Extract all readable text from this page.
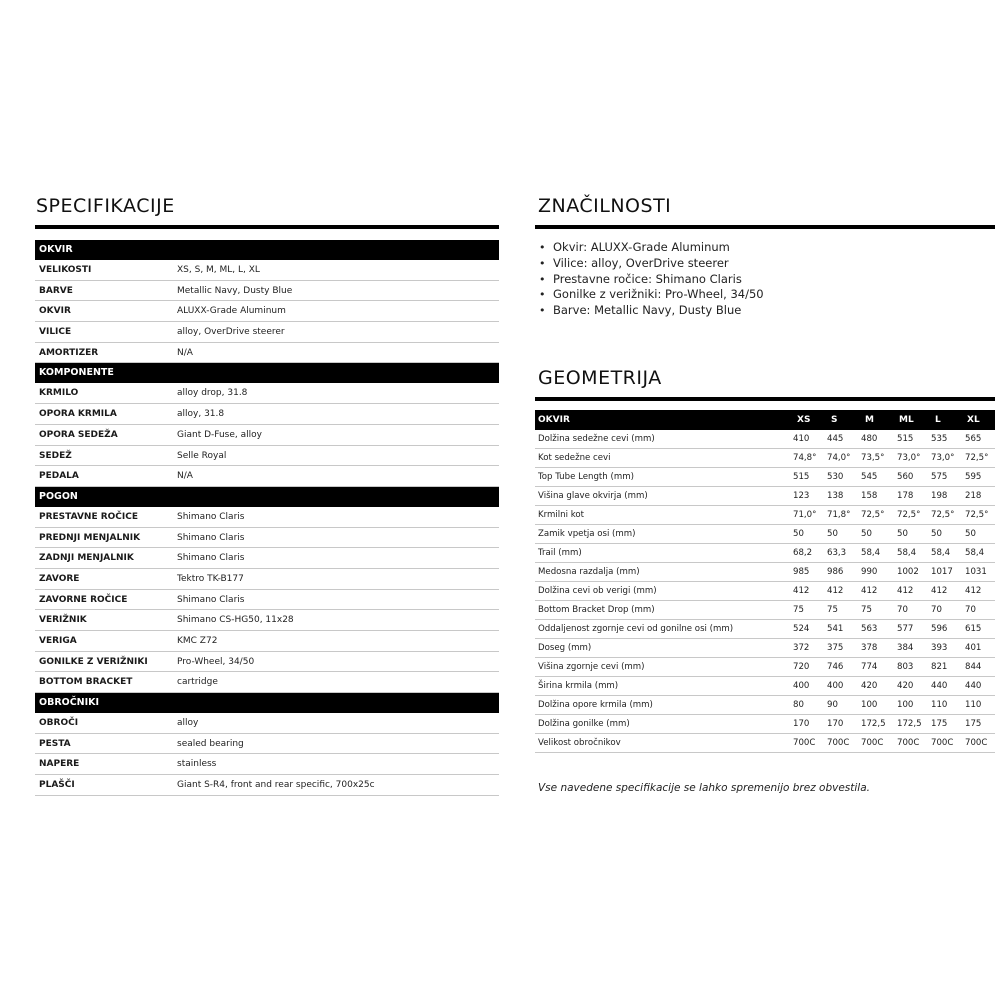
SPECIFIKACIJE
OKVIR
VELIKOSTI	XS, S, M, ML, L, XL
BARVE	Metallic Navy, Dusty Blue
OKVIR	ALUXX-Grade Aluminum
VILICE	alloy, OverDrive steerer
AMORTIZER	N/A
KOMPONENTE
KRMILO	alloy drop, 31.8
OPORA KRMILA	alloy, 31.8
OPORA SEDEŽA	Giant D-Fuse, alloy
SEDEŽ	Selle Royal
PEDALA	N/A
POGON
PRESTAVNE ROČICE	Shimano Claris
PREDNJI MENJALNIK	Shimano Claris
ZADNJI MENJALNIK	Shimano Claris
ZAVORE	Tektro TK-B177
ZAVORNE ROČICE	Shimano Claris
VERIŽNIK	Shimano CS-HG50, 11x28
VERIGA	KMC Z72
GONILKE Z VERIŽNIKI	Pro-Wheel, 34/50
BOTTOM BRACKET	cartridge
OBROČNIKI
OBROČI	alloy
PESTA	sealed bearing
NAPERE	stainless
PLAŠČI	Giant S-R4, front and rear specific, 700x25c
ZNAČILNOSTI
• Okvir: ALUXX-Grade Aluminum
• Vilice: alloy, OverDrive steerer
• Prestavne ročice: Shimano Claris
• Gonilke z verižniki: Pro-Wheel, 34/50
• Barve: Metallic Navy, Dusty Blue
GEOMETRIJA
OKVIR	XS S	M	ML L	XL
Dolžina sedežne cevi (mm)	410 445 480 515 535 565
Kot sedežne cevi	74,8° 74,0° 73,5° 73,0° 73,0° 72,5°
Top Tube Length (mm)	515 530 545 560 575 595
Višina glave okvirja (mm)	123 138 158 178 198 218
Krmilni kot	71,0° 71,8° 72,5° 72,5° 72,5° 72,5°
Zamik vpetja osi (mm)	50	50	50	50	50	50
Trail (mm)	68,2 63,3 58,4 58,4 58,4 58,4
Medosna razdalja (mm)	985 986 990 1002 1017 1031
Dolžina cevi ob verigi (mm)	412 412 412 412 412 412
Bottom Bracket Drop (mm)	75	75	75	70	70	70
Oddaljenost zgornje cevi od gonilne osi (mm)	524 541 563 577 596 615
Doseg (mm)	372 375 378 384 393 401
Višina zgornje cevi (mm)	720 746 774 803 821 844
Širina krmila (mm)	400 400 420 420 440 440
Dolžina opore krmila (mm)	80	90	100 100 110 110
Dolžina gonilke (mm)	170 170 172,5 172,5 175 175
Velikost obročnikov	700C 700C 700C 700C 700C 700C
Vse navedene specifikacije se lahko spremenijo brez obvestila.
